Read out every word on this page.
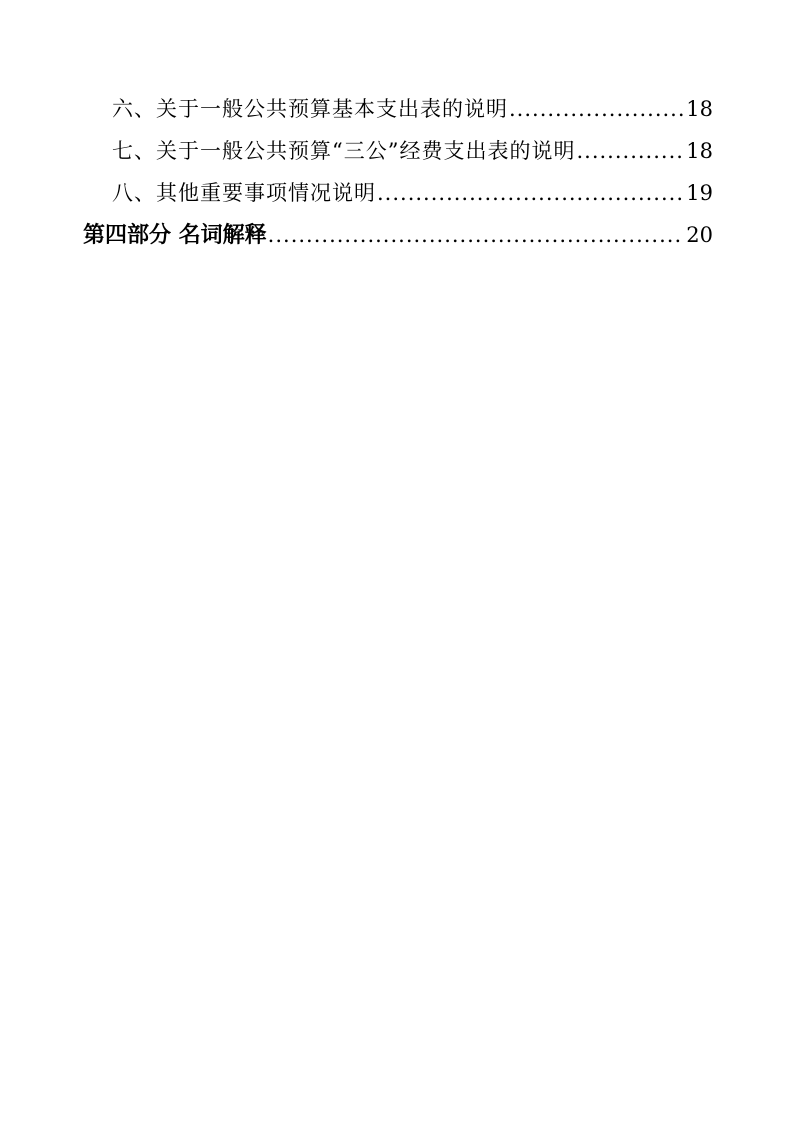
六、关于一般公共预算基本支出表的说明 .....	18
七、关于一般公共预算“三公”经费支出表的说明 .....	18
八、其他重要事项情况说明 .....	19
第四部分 名词解释 .....	20
